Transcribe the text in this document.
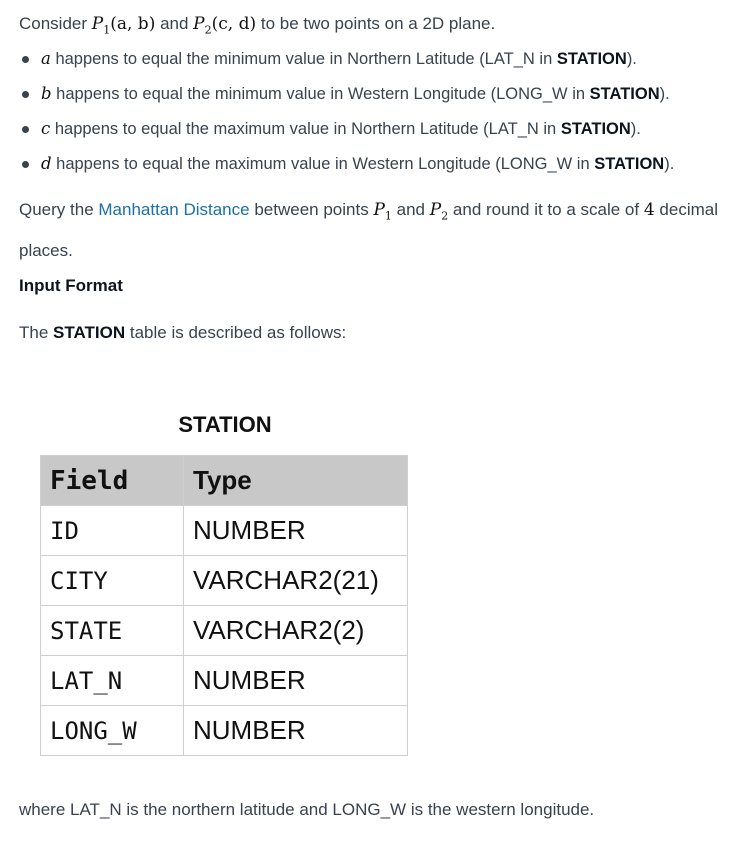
Consider $P_1(a$, b) and $P_2(c$, d) to be two points on a 2D plane.

a happens to equal the minimum value in Northern Latitude (LAT_N in STATION).
b happens to equal the minimum value in Western Longitude (LONG_W in STATION).
c happens to equal the maximum value in Northern Latitude (LAT_N in STATION).
d happens to equal the maximum value in Western Longitude (LONG_W in STATION).

Query the Manhattan Distance between points $P_1$ and $P_2$ and round it to a scale of 4 decimal places.

Input Format

The STATION table is described as follows:

STATION
Field	Type
ID	NUMBER
CITY	VARCHAR2(21)
STATE	VARCHAR2(2)
LAT_N	NUMBER
LONG_W	NUMBER

where LAT_N is the northern latitude and LONG_W is the western longitude.
